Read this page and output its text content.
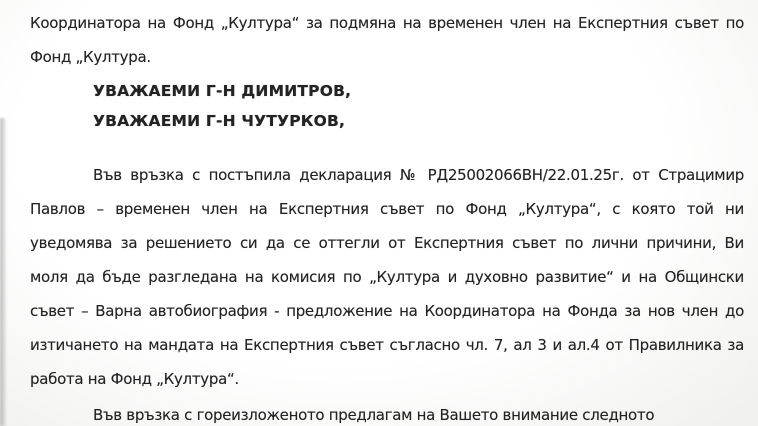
Координатора на Фонд „Култура“ за подмяна на временен член на Експертния съвет по
Фонд „Култура.
УВАЖАЕМИ Г-Н ДИМИТРОВ,
УВАЖАЕМИ Г-Н ЧУТУРКОВ,
Във връзка с постъпила декларация № РД25002066ВН/22.01.25г. от Страцимир
Павлов – временен член на Експертния съвет по Фонд „Култура“, с която той ни
уведомява за решението си да се оттегли от Експертния съвет по лични причини, Ви
моля да бъде разгледана на комисия по „Култура и духовно развитие“ и на Общински
съвет – Варна автобиография - предложение на Координатора на Фонда за нов член до
изтичането на мандата на Експертния съвет съгласно чл. 7, ал 3 и ал.4 от Правилника за
работа на Фонд „Култура“.
Във връзка с гореизложеното предлагам на Вашето внимание следното
